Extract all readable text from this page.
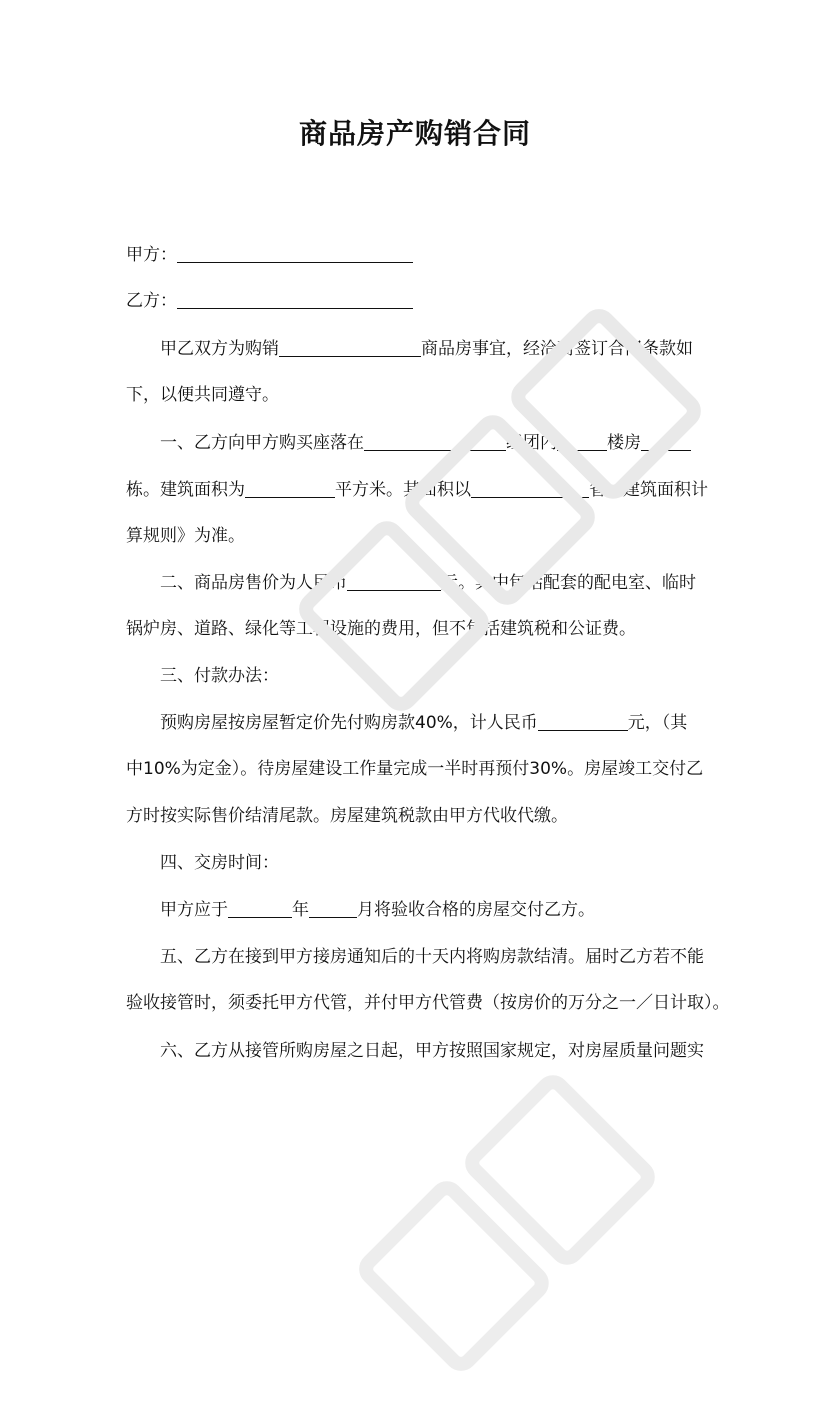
商品房产购销合同
甲方：
乙方：
甲乙双方为购销	商品房事宜，经洽商签订合同条款如
下，以便共同遵守。
一、乙方向甲方购买座落在	组团内	楼房
栋。建筑面积为	平方米。其面积以	省《建筑面积计
算规则》为准。
二、商品房售价为人民币	元。其中包括配套的配电室、临时
锅炉房、道路、绿化等工程设施的费用，但不包括建筑税和公证费。
三、付款办法：
预购房屋按房屋暂定价先付购房款40%，计人民币	元，（其
中10%为定金）。待房屋建设工作量完成一半时再预付30%。房屋竣工交付乙
方时按实际售价结清尾款。房屋建筑税款由甲方代收代缴。
四、交房时间：
甲方应于	年	月将验收合格的房屋交付乙方。
五、乙方在接到甲方接房通知后的十天内将购房款结清。届时乙方若不能
验收接管时，须委托甲方代管，并付甲方代管费（按房价的万分之一／日计取）。
六、乙方从接管所购房屋之日起，甲方按照国家规定，对房屋质量问题实
